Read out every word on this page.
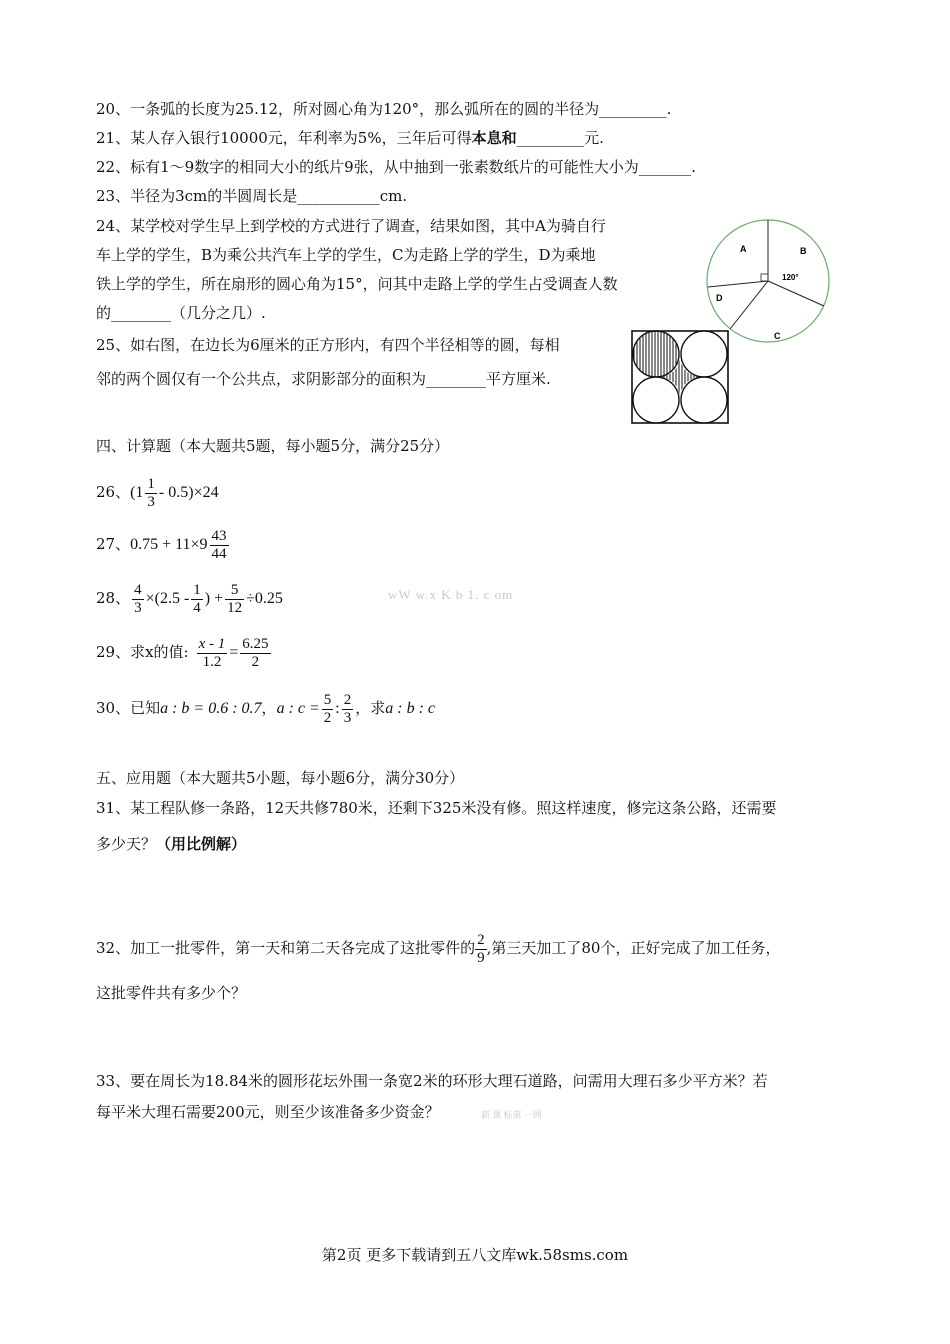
20、一条弧的长度为25.12，所对圆心角为120°，那么弧所在的圆的半径为_________.
21、某人存入银行10000元，年利率为5%，三年后可得本息和_________元.
22、标有1～9数字的相同大小的纸片9张，从中抽到一张素数纸片的可能性大小为_______.
23、半径为3cm的半圆周长是___________cm.
24、某学校对学生早上到学校的方式进行了调查，结果如图，其中A为骑自行
车上学的学生，B为乘公共汽车上学的学生，C为走路上学的学生，D为乘地
铁上学的学生，所在扇形的圆心角为15°，问其中走路上学的学生占受调查人数
的________（几分之几）.
A	B
C
D
120°
25、如右图，在边长为6厘米的正方形内，有四个半径相等的圆，每相
邻的两个圆仅有一个公共点，求阴影部分的面积为________平方厘米.
四、计算题（本大题共5题，每小题5分，满分25分）
26、$(1 \frac{1}{3} - 0.5)\times 24$
27、$0.75 + 11\times 9 \frac{43}{44}$
28、 $\frac{4}{3} \times(2.5 - \frac{1}{4}$ ) + $\frac{5}{12} \div 0.25$	wW w.x K b 1. c om
29、求x的值: $\frac{x - 1}{1.2} = \frac{6.25}{2}$
30、已知a : b = 0.6 : 0.7，a : $c = \frac{5}{2}$ : $\frac{2}{3}$ ，求a : b : c
五、应用题（本大题共5小题，每小题6分，满分30分）
31、某工程队修一条路，12天共修780米，还剩下325米没有修。照这样速度，修完这条公路，还需要
多少天？（用比例解）
32、加工一批零件，第一天和第二天各完成了这批零件的 $\frac{2}{9}$ ,第三天加工了80个，正好完成了加工任务，
这批零件共有多少个？
33、要在周长为18.84米的圆形花坛外围一条宽2米的环形大理石道路，问需用大理石多少平方米？若
每平米大理石需要200元，则至少该准备多少资金？	新 课 标第 一网
第2页 更多下载请到五八文库wk.58sms.com
